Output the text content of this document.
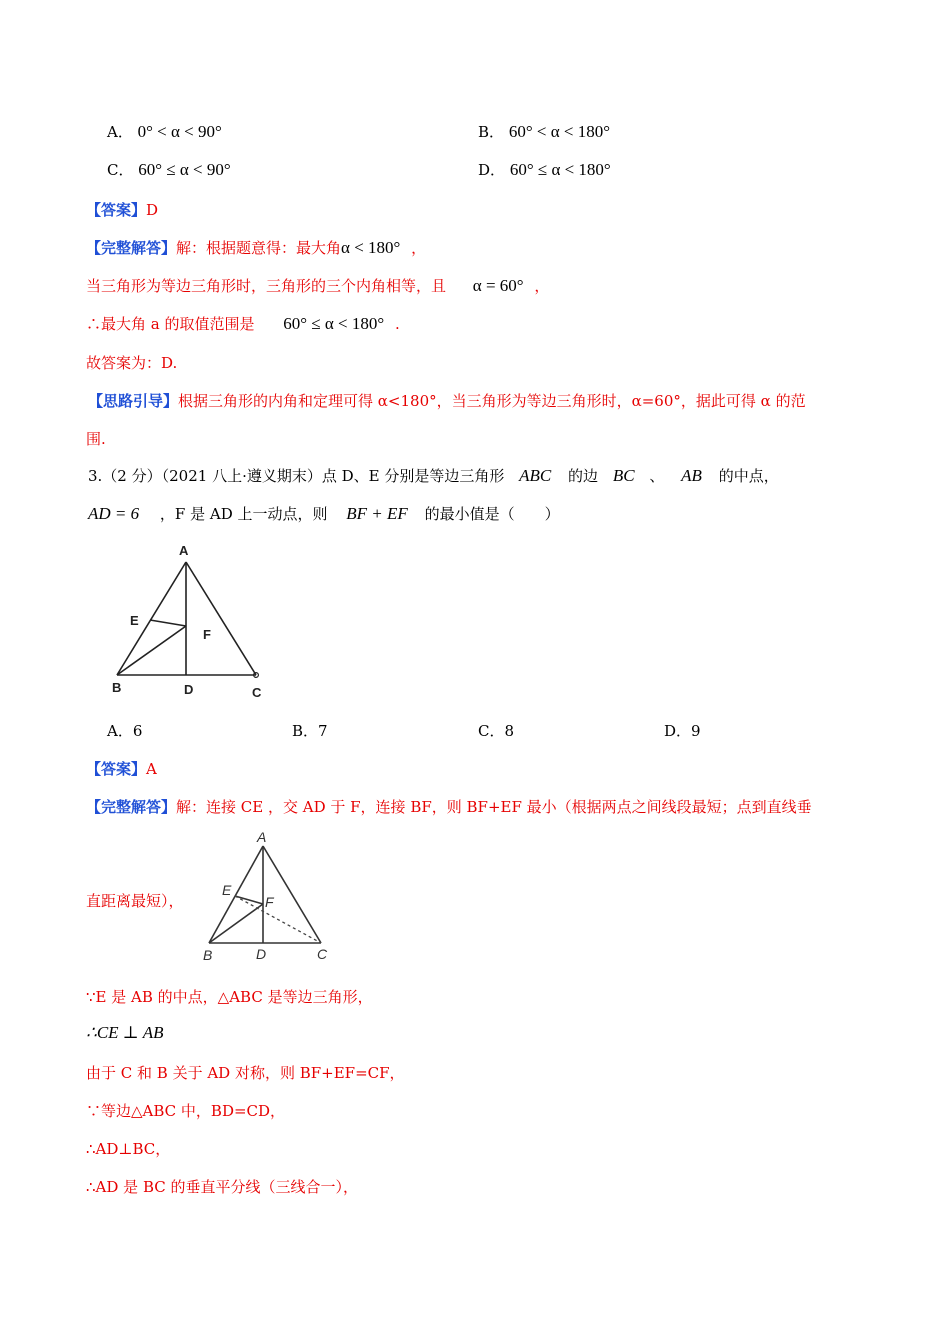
A． 0° < α < 90°	B． 60° < α < 180°
C． 60° ≤ α < 90°	D． 60° ≤ α < 180°
【答案】D
【完整解答】解：根据题意得：最大角α < 180° ，
当三角形为等边三角形时，三角形的三个内角相等，且 α = 60° ，
∴最大角 a 的取值范围是 60° ≤ α < 180° .
故答案为：D.
【思路引导】根据三角形的内角和定理可得 α<180°，当三角形为等边三角形时，α=60°，据此可得 α 的范
围.
3.（2 分）（2021 八上·遵义期末）点 D、E 分别是等边三角形 ABC 的边 BC 、 AB 的中点，
AD = 6 ，F 是 AD 上一动点，则 BF + EF 的最小值是（　　）
A
E
F
B	D	C
A．6	B．7	C．8	D．9
【答案】A
【完整解答】解：连接 CE ，交 AD 于 F，连接 BF，则 BF+EF 最小（根据两点之间线段最短；点到直线垂
直距离最短），
A
E
F
B	D	C
∵E 是 AB 的中点，△ABC 是等边三角形，
∴CE ⊥ AB
由于 C 和 B 关于 AD 对称，则 BF+EF=CF，
∵等边△ABC 中，BD=CD，
∴AD⊥BC，
∴AD 是 BC 的垂直平分线（三线合一），
